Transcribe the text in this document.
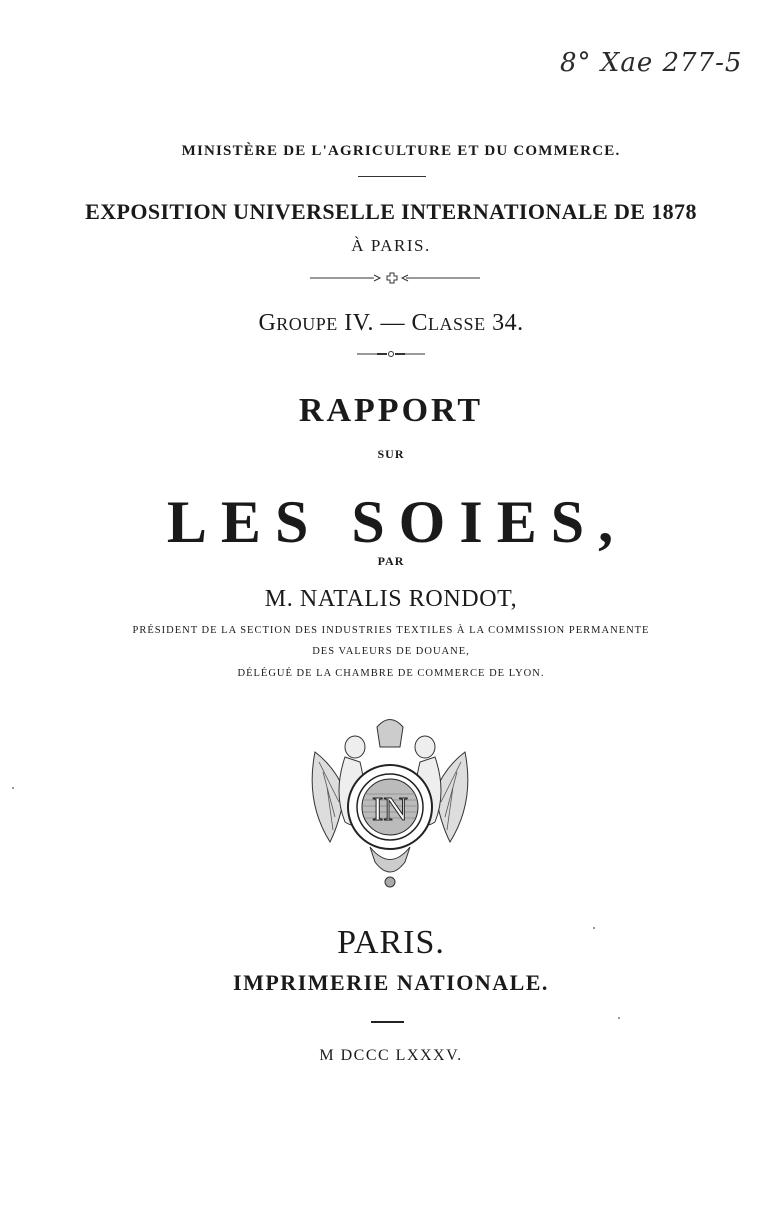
8° Xae 277-5
MINISTÈRE DE L'AGRICULTURE ET DU COMMERCE.
EXPOSITION UNIVERSELLE INTERNATIONALE DE 1878
À PARIS.
GROUPE IV. — CLASSE 34.
RAPPORT
SUR
LES SOIES,
PAR
M. NATALIS RONDOT,
PRÉSIDENT DE LA SECTION DES INDUSTRIES TEXTILES À LA COMMISSION PERMANENTE
DES VALEURS DE DOUANE,
DÉLÉGUÉ DE LA CHAMBRE DE COMMERCE DE LYON.
IN
PARIS.
IMPRIMERIE NATIONALE.
M DCCC LXXXV.
